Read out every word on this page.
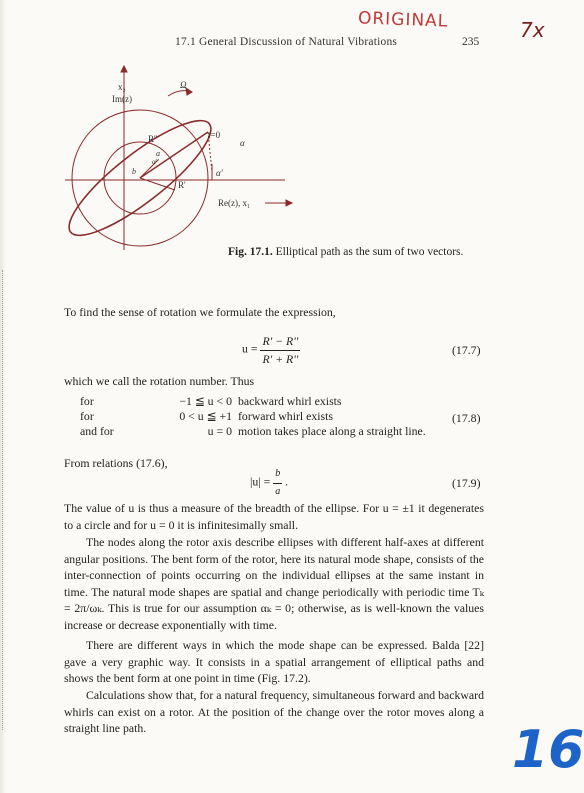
17.1 General Discussion of Natural Vibrations	235
ORIGINAL	7x
16
x₂
Im(z)
Ω
R''
R'
t=0
α
α'
α''
a
b
Re(z), x₁
Fig. 17.1. Elliptical path as the sum of two vectors.
To find the sense of rotation we formulate the expression,
$u = \frac{R' - R''}{R' + R''}$	(17.7)
which we call the rotation number. Thus
for	−1 ≦ u < 0	backward whirl exists
for	0 < u ≦ +1	forward whirl exists
and for	u = 0	motion takes place along a straight line.
(17.8)
From relations (17.6),
$|u| = \frac{b}{a}$ .	(17.9)
The value of u is thus a measure of the breadth of the ellipse. For u = ±1 it degenerates to a circle and for u = 0 it is infinitesimally small.
The nodes along the rotor axis describe ellipses with different half-axes at different angular positions. The bent form of the rotor, here its natural mode shape, consists of the inter-connection of points occurring on the individual ellipses at the same instant in time. The natural mode shapes are spatial and change periodically with periodic time Tₖ = 2π/ωₖ. This is true for our assumption αₖ = 0; otherwise, as is well-known the values increase or decrease exponentially with time.
There are different ways in which the mode shape can be expressed. Balda [22] gave a very graphic way. It consists in a spatial arrangement of elliptical paths and shows the bent form at one point in time (Fig. 17.2).
Calculations show that, for a natural frequency, simultaneous forward and backward whirls can exist on a rotor. At the position of the change over the rotor moves along a straight line path.
